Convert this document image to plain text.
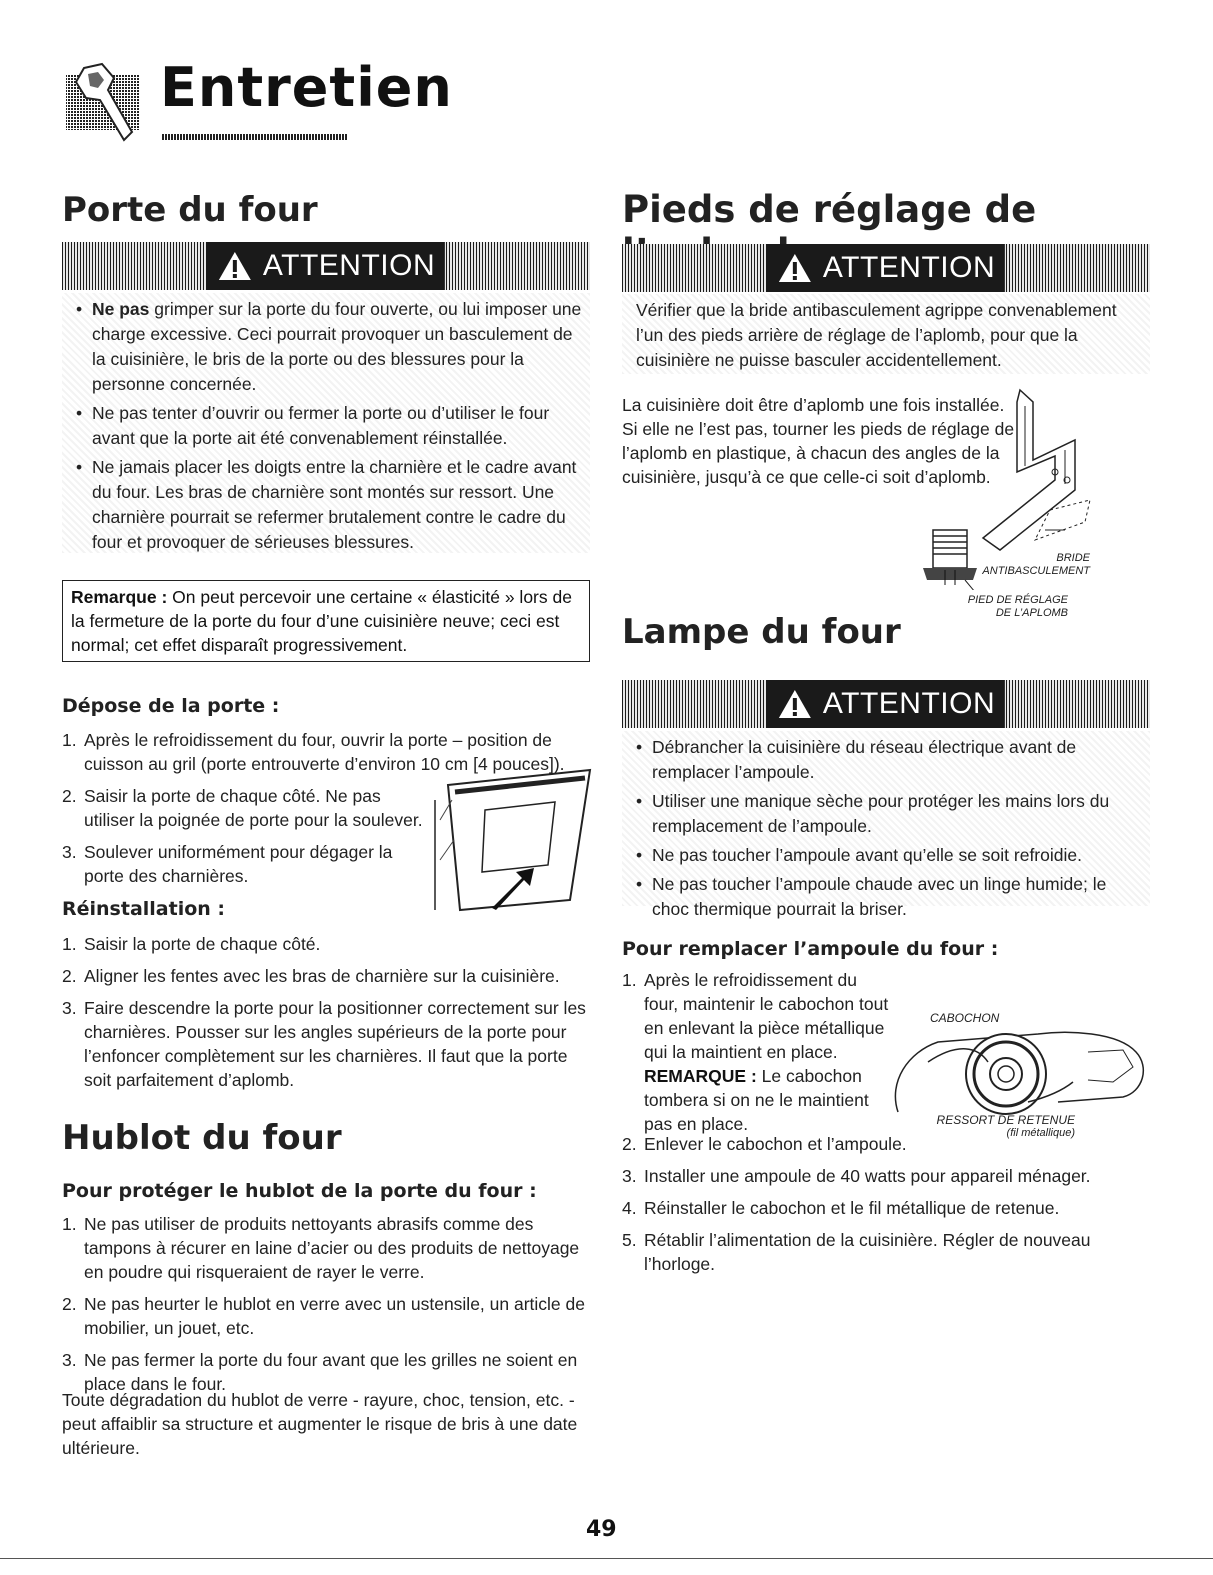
Entretien
Porte du four
ATTENTION
• Ne pas grimper sur la porte du four ouverte, ou lui imposer une charge excessive. Ceci pourrait provoquer un basculement de la cuisinière, le bris de la porte ou des blessures pour la personne concernée.
• Ne pas tenter d’ouvrir ou fermer la porte ou d’utiliser le four avant que la porte ait été convenablement réinstallée.
• Ne jamais placer les doigts entre la charnière et le cadre avant du four. Les bras de charnière sont montés sur ressort. Une charnière pourrait se refermer brutalement contre le cadre du four et provoquer de sérieuses blessures.
Remarque : On peut percevoir une certaine « élasticité » lors de la fermeture de la porte du four d’une cuisinière neuve; ceci est normal; cet effet disparaît progressivement.
Dépose de la porte :
1. Après le refroidissement du four, ouvrir la porte – position de cuisson au gril (porte entrouverte d’environ 10 cm [4 pouces]).
2. Saisir la porte de chaque côté. Ne pas utiliser la poignée de porte pour la soulever.
3. Soulever uniformément pour dégager la porte des charnières.
Réinstallation :
1. Saisir la porte de chaque côté.
2. Aligner les fentes avec les bras de charnière sur la cuisinière.
3. Faire descendre la porte pour la positionner correctement sur les charnières. Pousser sur les angles supérieurs de la porte pour l’enfoncer complètement sur les charnières. Il faut que la porte soit parfaitement d’aplomb.
Hublot du four
Pour protéger le hublot de la porte du four :
1. Ne pas utiliser de produits nettoyants abrasifs comme des tampons à récurer en laine d’acier ou des produits de nettoyage en poudre qui risqueraient de rayer le verre.
2. Ne pas heurter le hublot en verre avec un ustensile, un article de mobilier, un jouet, etc.
3. Ne pas fermer la porte du four avant que les grilles ne soient en place dans le four.
Toute dégradation du hublot de verre - rayure, choc, tension, etc. - peut affaiblir sa structure et augmenter le risque de bris à une date ultérieure.
Pieds de réglage de
ATTENTION
Vérifier que la bride antibasculement agrippe convenablement l’un des pieds arrière de réglage de l’aplomb, pour que la cuisinière ne puisse basculer accidentellement.
La cuisinière doit être d’aplomb une fois installée. Si elle ne l’est pas, tourner les pieds de réglage de l’aplomb en plastique, à chacun des angles de la cuisinière, jusqu’à ce que celle-ci soit d’aplomb.
BRIDE
ANTIBASCULEMENT
PIED DE RÉGLAGE
DE L’APLOMB
Lampe du four
ATTENTION
• Débrancher la cuisinière du réseau électrique avant de remplacer l’ampoule.
• Utiliser une manique sèche pour protéger les mains lors du remplacement de l’ampoule.
• Ne pas toucher l’ampoule avant qu’elle se soit refroidie.
• Ne pas toucher l’ampoule chaude avec un linge humide; le choc thermique pourrait la briser.
Pour remplacer l’ampoule du four :
1. Après le refroidissement du four, maintenir le cabochon tout en enlevant la pièce métallique qui la maintient en place.
REMARQUE : Le cabochon tombera si on ne le maintient pas en place.
CABOCHON
RESSORT DE RETENUE
(fil métallique)
2. Enlever le cabochon et l’ampoule.
3. Installer une ampoule de 40 watts pour appareil ménager.
4. Réinstaller le cabochon et le fil métallique de retenue.
5. Rétablir l’alimentation de la cuisinière. Régler de nouveau l’horloge.
49
